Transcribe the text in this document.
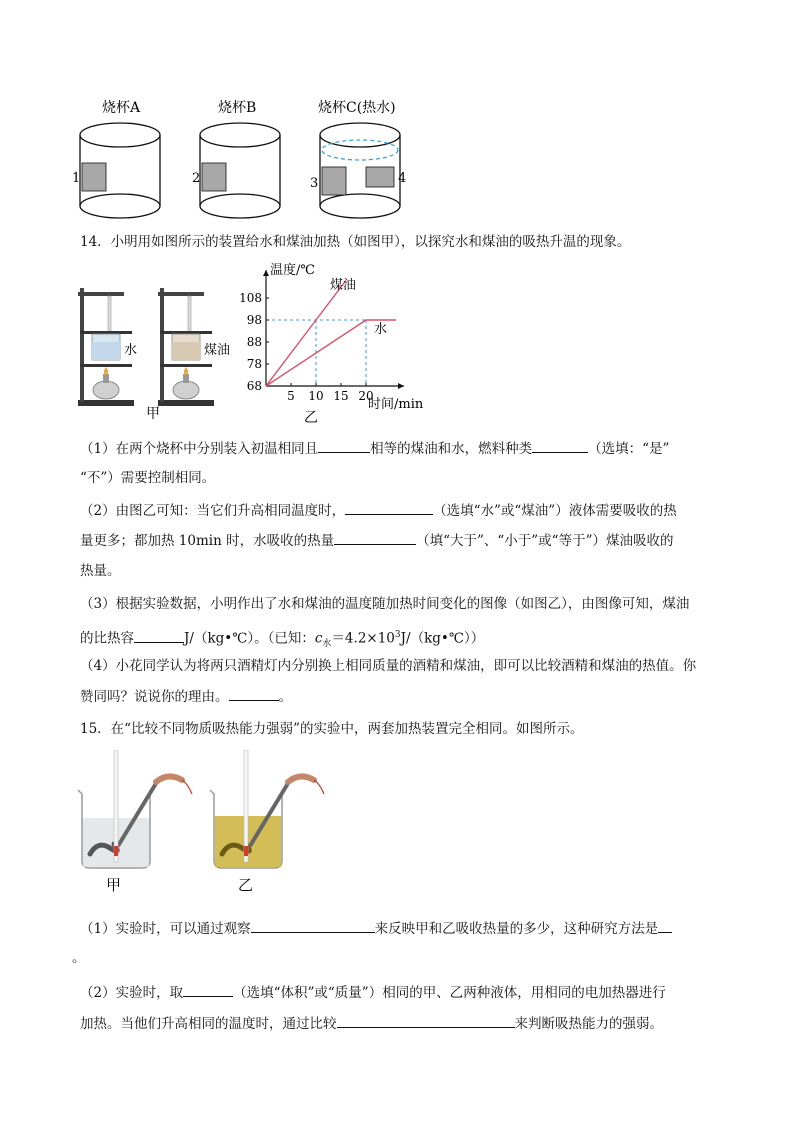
烧杯A
1
烧杯B
2
烧杯C(热水)
3	4
14．小明用如图所示的装置给水和煤油加热（如图甲），以探究水和煤油的吸热升温的现象。
水	煤油
甲
5 10 15 20
68
78
88
98
108
温度/℃
时间/min
煤油
水
乙
（1）在两个烧杯中分别装入初温相同且	相等的煤油和水，燃料种类	（选填：“是”
“不”）需要控制相同。
（2）由图乙可知：当它们升高相同温度时，	（选填“水”或“煤油”）液体需要吸收的热
量更多；都加热 10min 时，水吸收的热量	（填“大于”、“小于”或“等于”）煤油吸收的
热量。
（3）根据实验数据，小明作出了水和煤油的温度随加热时间变化的图像（如图乙），由图像可知，煤油
的比热容	J/（kg•℃）。（已知：$c_水=4.2\times 10^3J/(kg•℃)$）
（4）小花同学认为将两只酒精灯内分别换上相同质量的酒精和煤油，即可以比较酒精和煤油的热值。你
赞同吗？说说你的理由。	。
15．在“比较不同物质吸热能力强弱”的实验中，两套加热装置完全相同。如图所示。
甲	乙
（1）实验时，可以通过观察	来反映甲和乙吸收热量的多少，这种研究方法是
。
（2）实验时，取	（选填“体积”或“质量”）相同的甲、乙两种液体，用相同的电加热器进行
加热。当他们升高相同的温度时，通过比较	来判断吸热能力的强弱。
